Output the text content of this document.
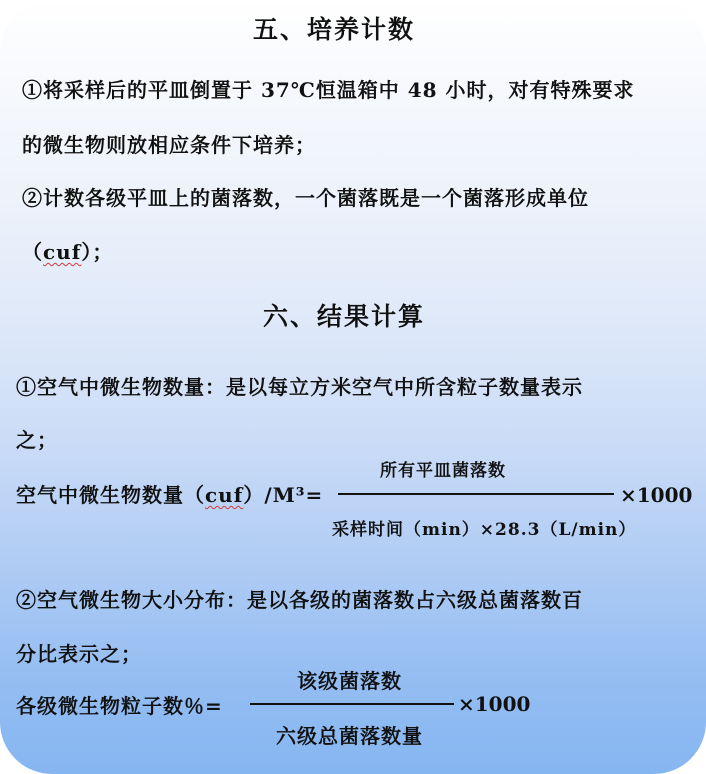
五、培养计数
①将采样后的平皿倒置于 37℃恒温箱中 48 小时，对有特殊要求
的微生物则放相应条件下培养；
②计数各级平皿上的菌落数，一个菌落既是一个菌落形成单位
（cuf）；
六、结果计算
①空气中微生物数量：是以每立方米空气中所含粒子数量表示
之；
所有平皿菌落数
空气中微生物数量（cuf）/M³=	×1000
采样时间（min）×28.3（L/min）
②空气微生物大小分布：是以各级的菌落数占六级总菌落数百
分比表示之；
该级菌落数
各级微生物粒子数％=	×1000
六级总菌落数量
